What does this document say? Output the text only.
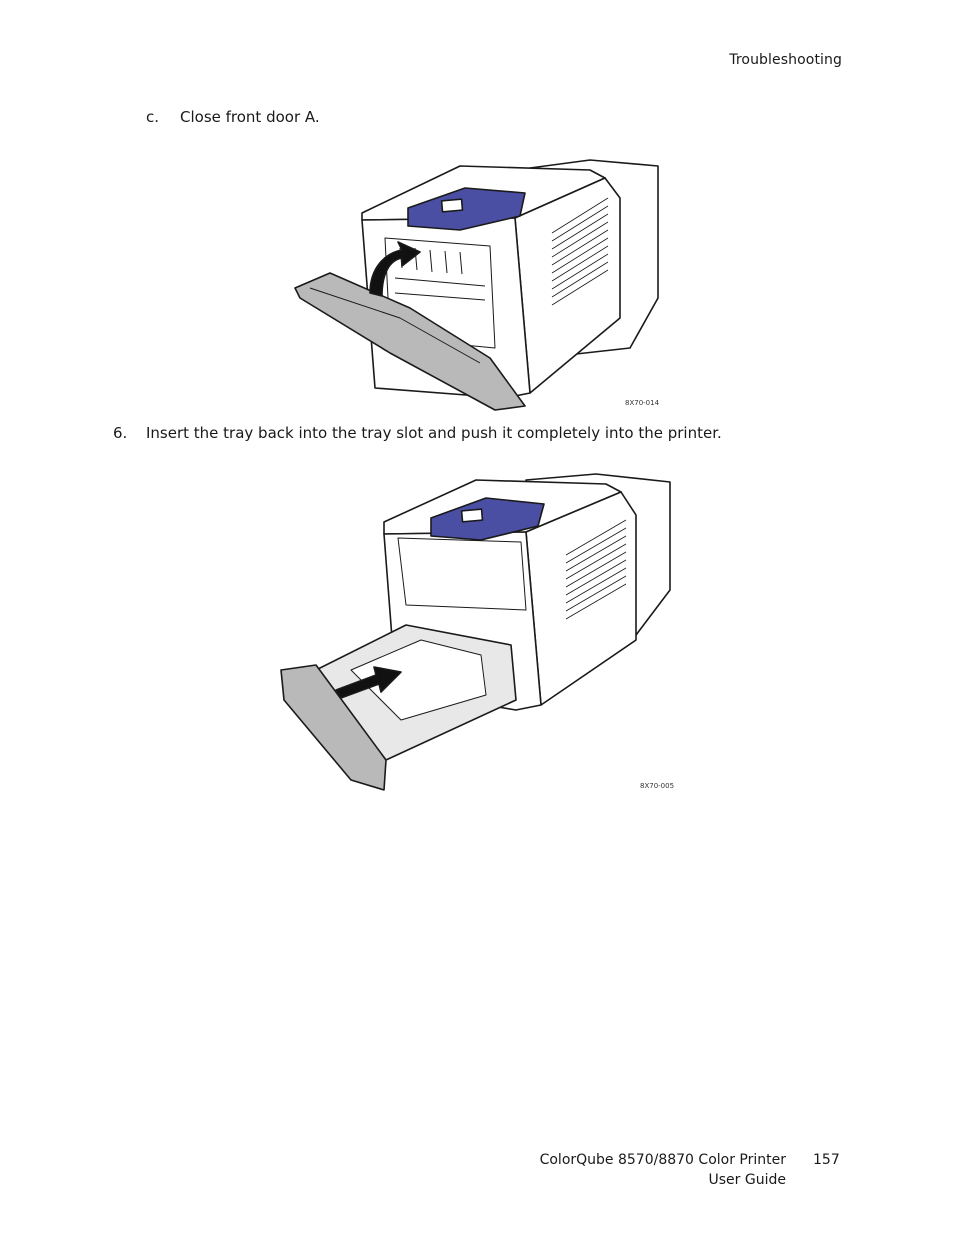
Troubleshooting
c. Close front door A.
8X70-014
6. Insert the tray back into the tray slot and push it completely into the printer.
8X70-005
ColorQube 8570/8870 Color Printer
User Guide
157
